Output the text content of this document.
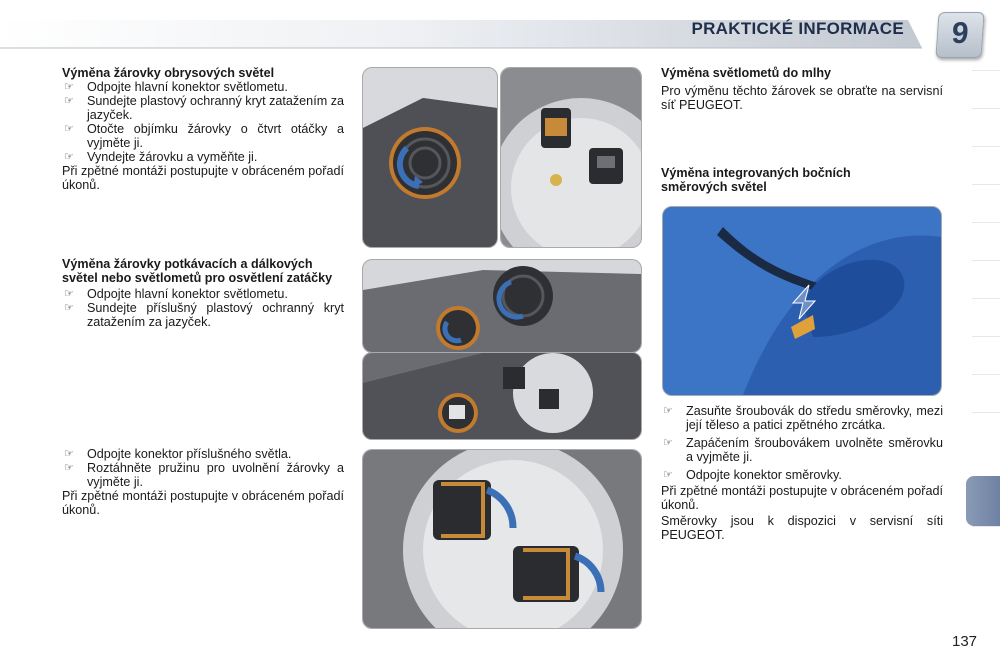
PRAKTICKÉ INFORMACE	9

Výměna žárovky obrysových světel

☞ Odpojte hlavní konektor světlometu.

☞ Sundejte plastový ochranný kryt zatažením za jazyček.

☞ Otočte objímku žárovky o čtvrt otáčky a vyjměte ji.

☞ Vyndejte žárovku a vyměňte ji.

Při zpětné montáži postupujte v obráceném pořadí úkonů.

Výměna žárovky potkávacích a dálkových světel nebo světlometů pro osvětlení zatáčky

☞ Odpojte hlavní konektor světlometu.

☞ Sundejte příslušný plastový ochranný kryt zatažením za jazyček.

☞ Odpojte konektor příslušného světla.

☞ Roztáhněte pružinu pro uvolnění žárovky a vyjměte ji.

Při zpětné montáži postupujte v obráceném pořadí úkonů.

Výměna světlometů do mlhy

Pro výměnu těchto žárovek se obraťte na servisní síť PEUGEOT.

Výměna integrovaných bočních směrových světel

☞ Zasuňte šroubovák do středu směrovky, mezi její těleso a patici zpětného zrcátka.

☞ Zapáčením šroubovákem uvolněte směrovku a vyjměte ji.

☞ Odpojte konektor směrovky.

Při zpětné montáži postupujte v obráceném pořadí úkonů.

Směrovky jsou k dispozici v servisní síti PEUGEOT.

137
